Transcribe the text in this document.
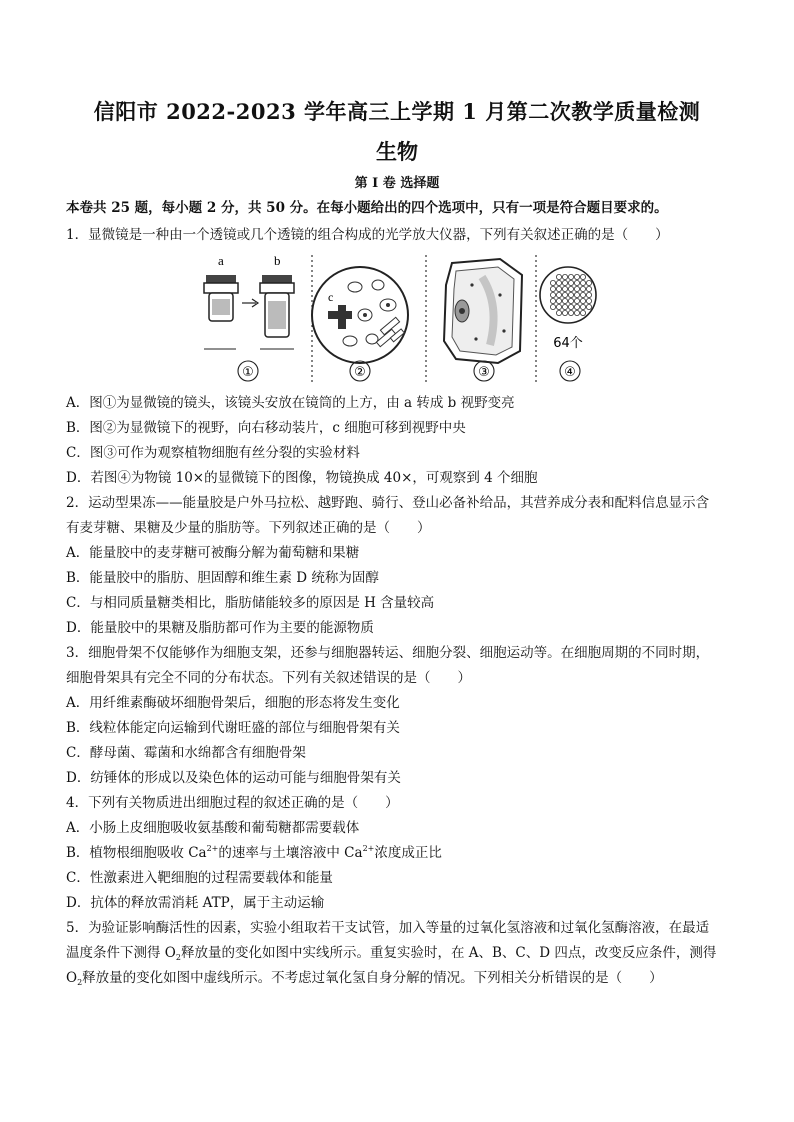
信阳市 2022-2023 学年高三上学期 1 月第二次教学质量检测
生物
第 Ⅰ 卷 选择题
本卷共 25 题，每小题 2 分，共 50 分。在每小题给出的四个选项中，只有一项是符合题目要求的。
1．显微镜是一种由一个透镜或几个透镜的组合构成的光学放大仪器，下列有关叙述正确的是（　　）
a	b
①
c
②	③
64个
④
A．图①为显微镜的镜头，该镜头安放在镜筒的上方，由 a 转成 b 视野变亮
B．图②为显微镜下的视野，向右移动装片，c 细胞可移到视野中央
C．图③可作为观察植物细胞有丝分裂的实验材料
D．若图④为物镜 10×的显微镜下的图像，物镜换成 40×，可观察到 4 个细胞
2．运动型果冻——能量胶是户外马拉松、越野跑、骑行、登山必备补给品，其营养成分表和配料信息显示含
有麦芽糖、果糖及少量的脂肪等。下列叙述正确的是（　　）
A．能量胶中的麦芽糖可被酶分解为葡萄糖和果糖
B．能量胶中的脂肪、胆固醇和维生素 D 统称为固醇
C．与相同质量糖类相比，脂肪储能较多的原因是 H 含量较高
D．能量胶中的果糖及脂肪都可作为主要的能源物质
3．细胞骨架不仅能够作为细胞支架，还参与细胞器转运、细胞分裂、细胞运动等。在细胞周期的不同时期，
细胞骨架具有完全不同的分布状态。下列有关叙述错误的是（　　）
A．用纤维素酶破坏细胞骨架后，细胞的形态将发生变化
B．线粒体能定向运输到代谢旺盛的部位与细胞骨架有关
C．酵母菌、霉菌和水绵都含有细胞骨架
D．纺锤体的形成以及染色体的运动可能与细胞骨架有关
4．下列有关物质进出细胞过程的叙述正确的是（　　）
A．小肠上皮细胞吸收氨基酸和葡萄糖都需要载体
B．植物根细胞吸收 $Ca^{2+}$的速率与土壤溶液中 $Ca^{2+}$浓度成正比
C．性激素进入靶细胞的过程需要载体和能量
D．抗体的释放需消耗 ATP，属于主动运输
5．为验证影响酶活性的因素，实验小组取若干支试管，加入等量的过氧化氢溶液和过氧化氢酶溶液，在最适
温度条件下测得 $O_2$释放量的变化如图中实线所示。重复实验时，在 A、B、C、D 四点，改变反应条件，测得
$O_2$释放量的变化如图中虚线所示。不考虑过氧化氢自身分解的情况。下列相关分析错误的是（　　）
